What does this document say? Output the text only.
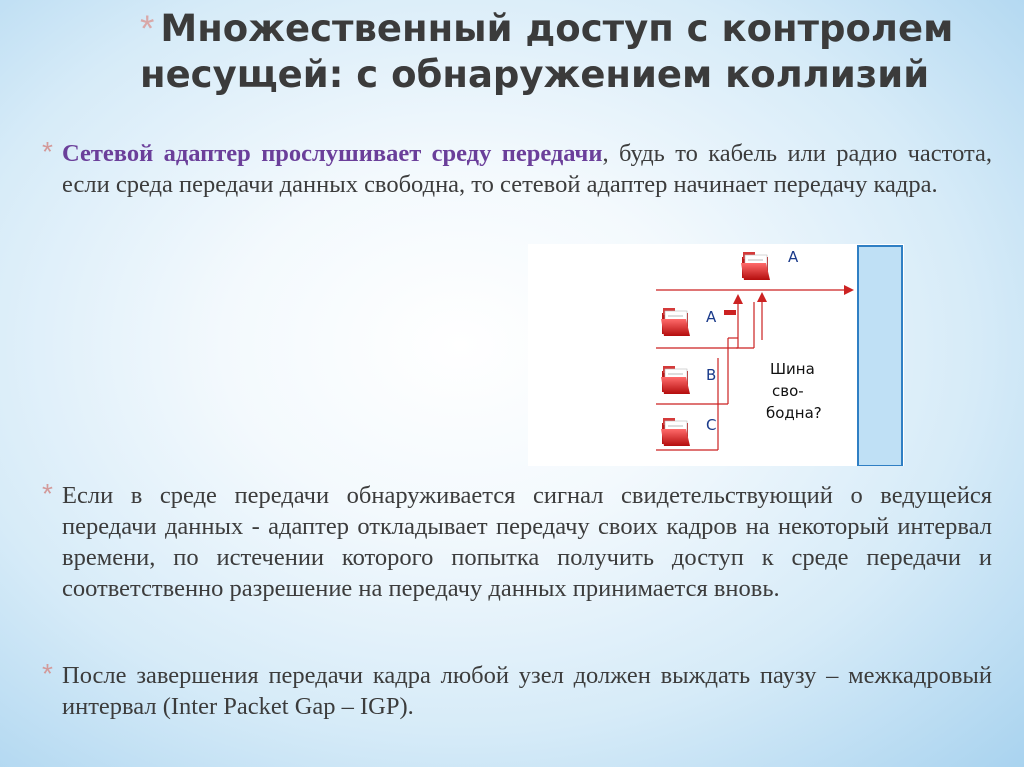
* Множественный доступ с контролем несущей: с обнаружением коллизий
* Сетевой адаптер прослушивает среду передачи, будь то кабель или радио частота, если среда передачи данных свободна, то сетевой адаптер начинает передачу кадра.
A
A
B
C
Шина
сво-
бодна?
* Если в среде передачи обнаруживается сигнал свидетельствующий о ведущейся передачи данных - адаптер откладывает передачу своих кадров на некоторый интервал времени, по истечении которого попытка получить доступ к среде передачи и соответственно разрешение на передачу данных принимается вновь.
* После завершения передачи кадра любой узел должен выждать паузу – межкадровый интервал (Inter Packet Gap – IGP).
